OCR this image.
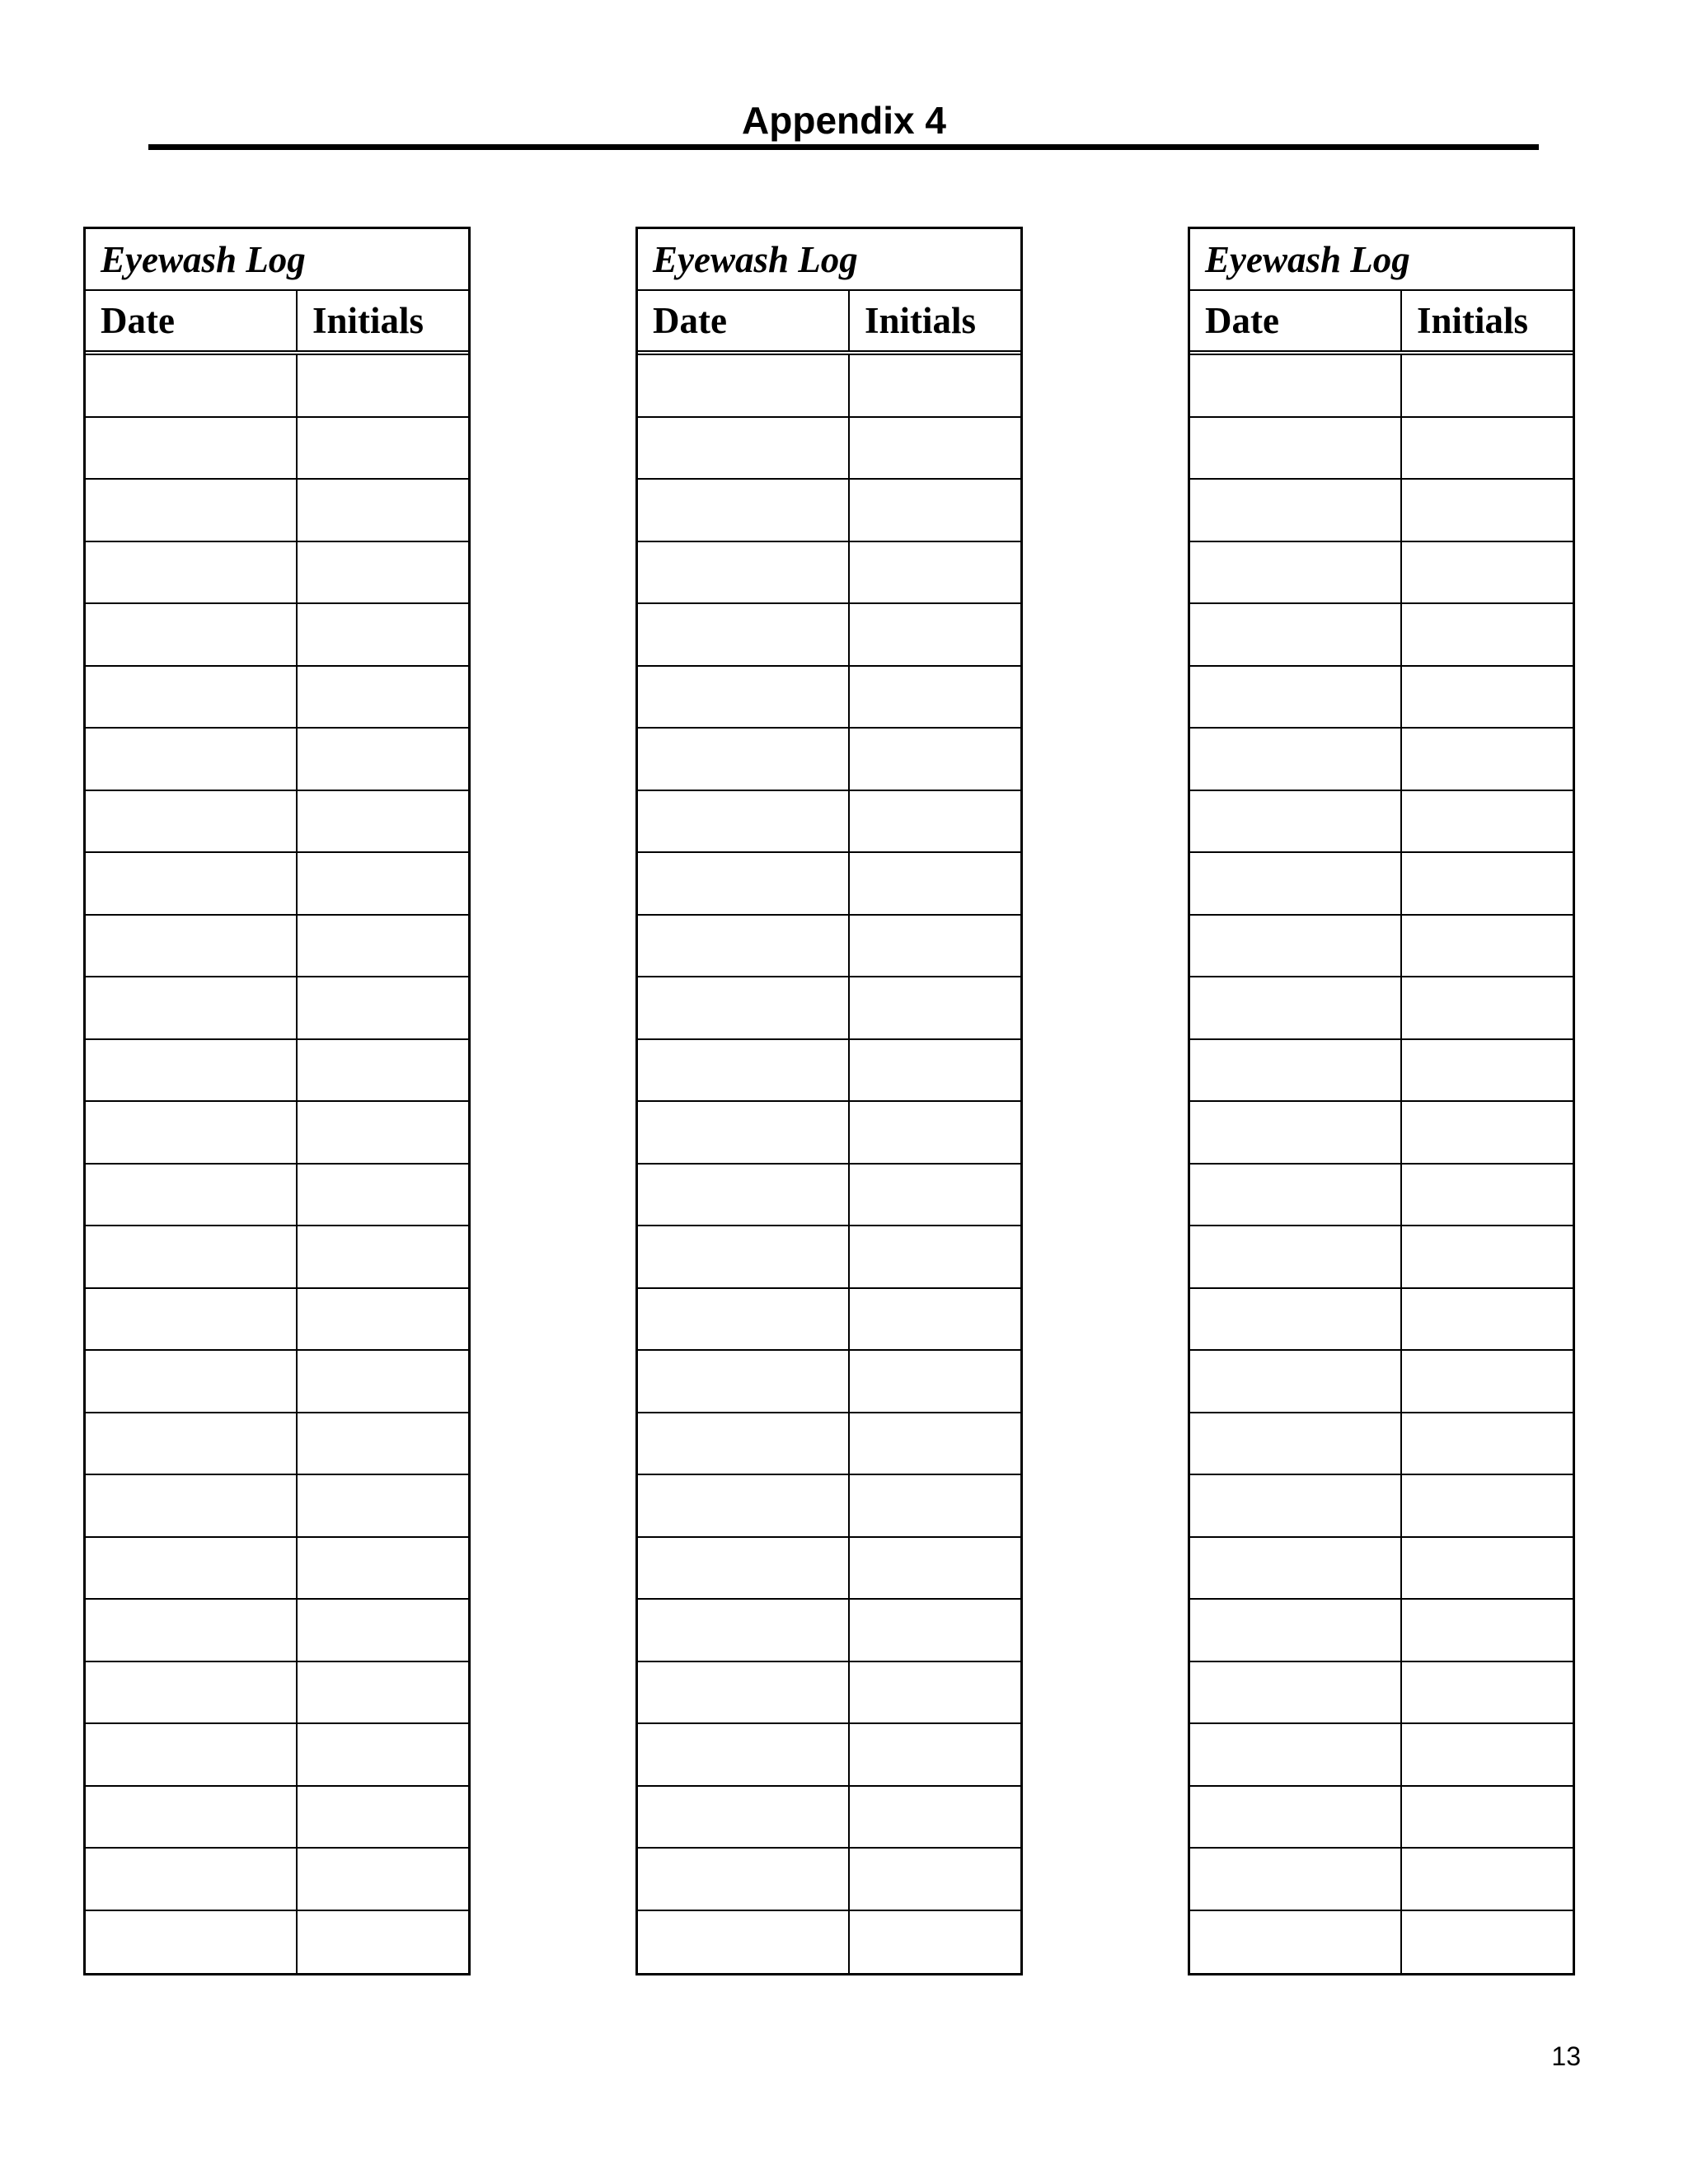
Appendix 4
Eyewash Log
Date	Initials
Eyewash Log
Date	Initials
Eyewash Log
Date	Initials
13
